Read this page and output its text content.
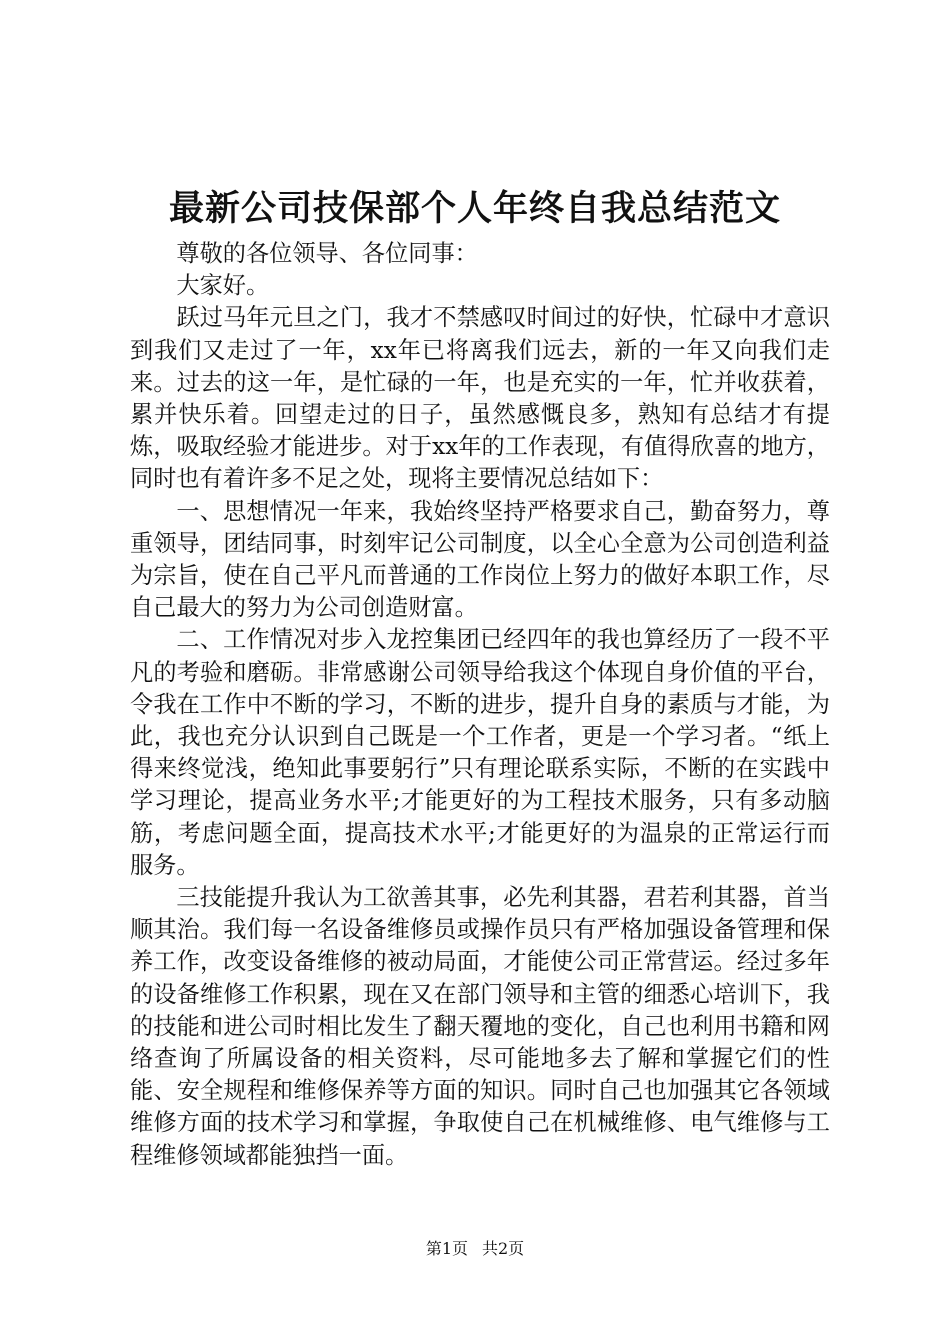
最新公司技保部个人年终自我总结范文

尊敬的各位领导、各位同事：

大家好。

跃过马年元旦之门，我才不禁感叹时间过的好快，忙碌中才意识到我们又走过了一年，xx年已将离我们远去，新的一年又向我们走来。过去的这一年，是忙碌的一年，也是充实的一年，忙并收获着，累并快乐着。回望走过的日子，虽然感慨良多，熟知有总结才有提炼，吸取经验才能进步。对于xx年的工作表现，有值得欣喜的地方，同时也有着许多不足之处，现将主要情况总结如下：

一、思想情况一年来，我始终坚持严格要求自己，勤奋努力，尊重领导，团结同事，时刻牢记公司制度，以全心全意为公司创造利益为宗旨，使在自己平凡而普通的工作岗位上努力的做好本职工作，尽自己最大的努力为公司创造财富。

二、工作情况对步入龙控集团已经四年的我也算经历了一段不平凡的考验和磨砺。非常感谢公司领导给我这个体现自身价值的平台，令我在工作中不断的学习，不断的进步，提升自身的素质与才能，为此，我也充分认识到自己既是一个工作者，更是一个学习者。“纸上得来终觉浅，绝知此事要躬行”只有理论联系实际，不断的在实践中学习理论，提高业务水平;才能更好的为工程技术服务，只有多动脑筋，考虑问题全面，提高技术水平;才能更好的为温泉的正常运行而服务。

三技能提升我认为工欲善其事，必先利其器，君若利其器，首当顺其治。我们每一名设备维修员或操作员只有严格加强设备管理和保养工作，改变设备维修的被动局面，才能使公司正常营运。经过多年的设备维修工作积累，现在又在部门领导和主管的细悉心培训下，我的技能和进公司时相比发生了翻天覆地的变化，自己也利用书籍和网络查询了所属设备的相关资料，尽可能地多去了解和掌握它们的性能、安全规程和维修保养等方面的知识。同时自己也加强其它各领域维修方面的技术学习和掌握，争取使自己在机械维修、电气维修与工程维修领域都能独挡一面。

第1页 共2页
